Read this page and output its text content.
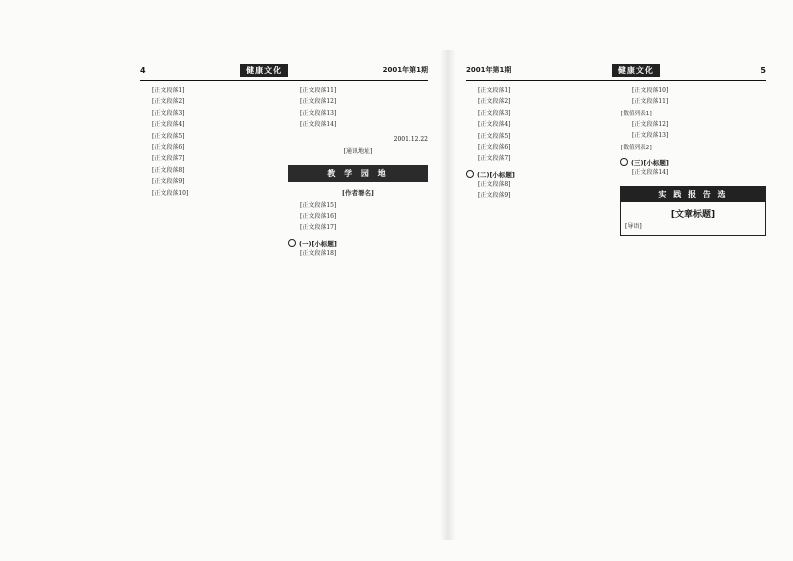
4	健康文化	2001年第1期

[正文段落1]

[正文段落2]

[正文段落3]

[正文段落4]

[正文段落5]

[正文段落6]

[正文段落7]

[正文段落8]

[正文段落9]

[正文段落10]

[正文段落11]

[正文段落12]

[正文段落13]

[正文段落14]

2001.12.22
[通讯地址]
教 学 园 地
[作者署名]

[正文段落15]

[正文段落16]

[正文段落17]

(一)[小标题]

[正文段落18]

2001年第1期	健康文化	5

[正文段落1]

[正文段落2]

[正文段落3]

[正文段落4]

[正文段落5]

[正文段落6]

[正文段落7]

(二)[小标题]

[正文段落8]

[正文段落9]

[正文段落10]

[正文段落11]

[数值列表1]

[正文段落12]

[正文段落13]

[数值列表2]
(三)[小标题]

[正文段落14]

实 践 报 告 选
[文章标题]
[导语]
